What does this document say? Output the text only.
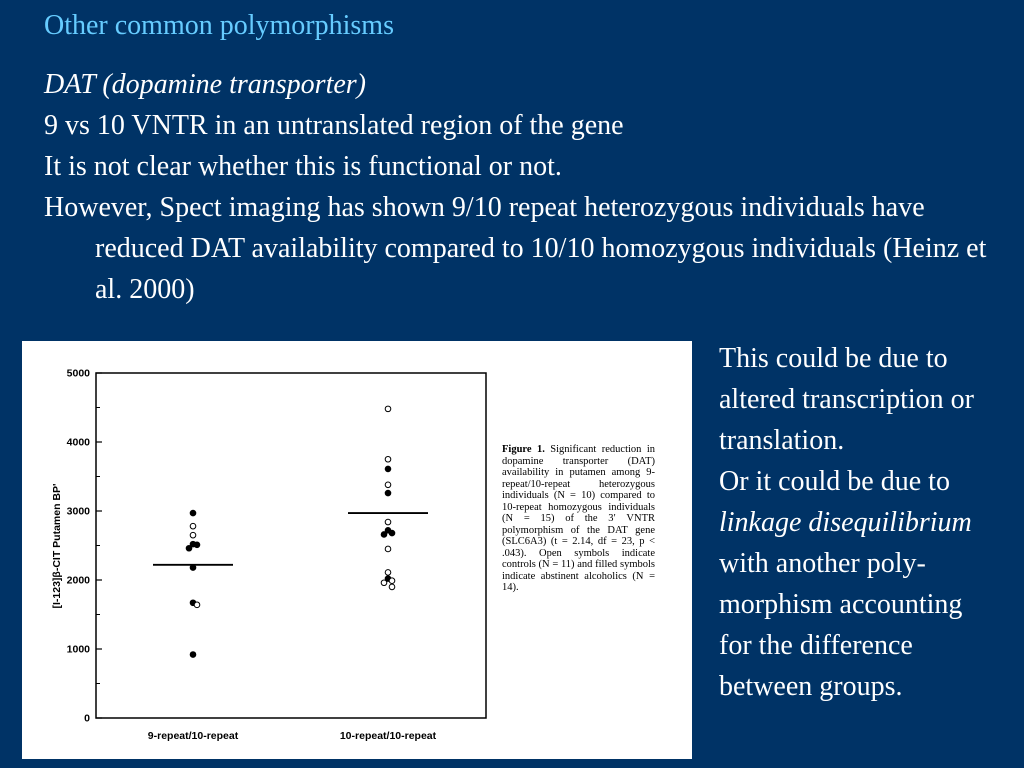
Other common polymorphisms

DAT (dopamine transporter)

9 vs 10 VNTR in an untranslated region of the gene

It is not clear whether this is functional or not.

However, Spect imaging has shown 9/10 repeat heterozygous individuals have reduced DAT availability compared to 10/10 homozygous individuals (Heinz et al. 2000)

[I-123]β-CIT Putamen BP'
0
1000
2000
3000
4000
5000
9-repeat/10-repeat	10-repeat/10-repeat
Figure 1. Significant reduction in dopamine transporter (DAT) availability in putamen among 9-repeat/10-repeat heterozygous individuals (N = 10) compared to 10-repeat homozygous individuals (N = 15) of the 3′ VNTR polymorphism of the DAT gene (SLC6A3) (t = 2.14, df = 23, p < .043). Open symbols indicate controls (N = 11) and filled symbols indicate abstinent alcoholics (N = 14).

This could be due to

altered transcription or

translation.

Or it could be due to

linkage disequilibrium

with another poly-

morphism accounting

for the difference

between groups.
